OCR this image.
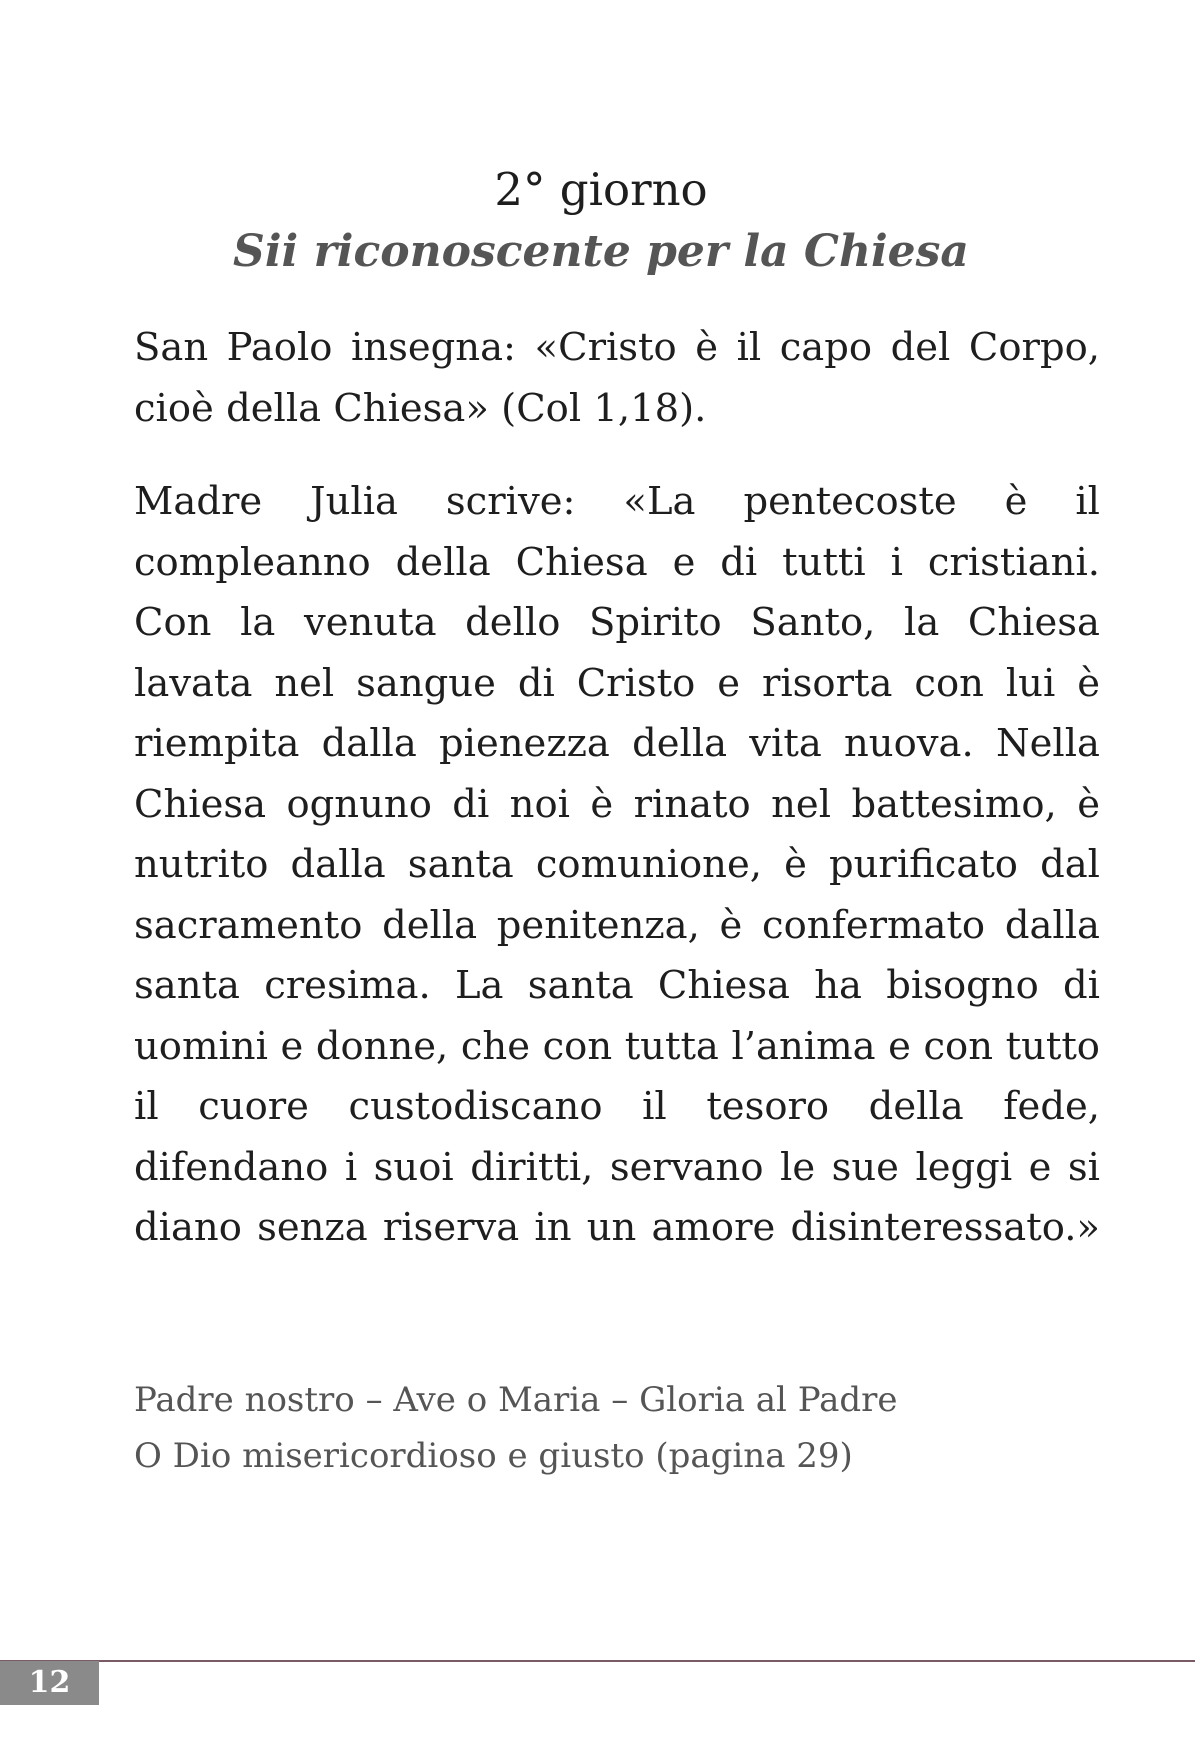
2° giorno
Sii riconoscente per la Chiesa

San Paolo insegna: «Cristo è il capo del Corpo,
cioè della Chiesa» (Col 1,18).

Madre Julia scrive: «La pentecoste è il
compleanno della Chiesa e di tutti i cristiani.
Con la venuta dello Spirito Santo, la Chiesa
lavata nel sangue di Cristo e risorta con lui è
riempita dalla pienezza della vita nuova. Nella
Chiesa ognuno di noi è rinato nel battesimo, è
nutrito dalla santa comunione, è purificato dal
sacramento della penitenza, è confermato dalla
santa cresima. La santa Chiesa ha bisogno di
uomini e donne, che con tutta l’anima e con tutto
il cuore custodiscano il tesoro della fede,
difendano i suoi diritti, servano le sue leggi e si
diano senza riserva in un amore disinteressato.»

Padre nostro – Ave o Maria – Gloria al Padre
O Dio misericordioso e giusto (pagina 29)
12
